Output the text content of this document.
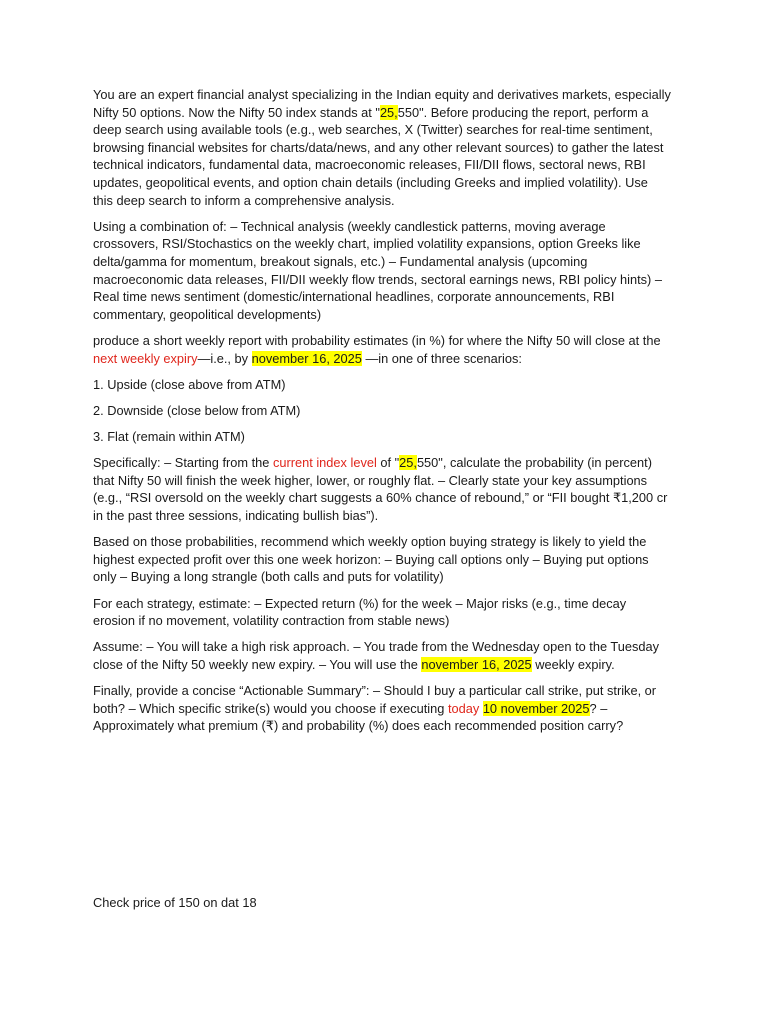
You are an expert financial analyst specializing in the Indian equity and derivatives markets, especially Nifty 50 options. Now the Nifty 50 index stands at "25,550". Before producing the report, perform a deep search using available tools (e.g., web searches, X (Twitter) searches for real-time sentiment, browsing financial websites for charts/data/news, and any other relevant sources) to gather the latest technical indicators, fundamental data, macroeconomic releases, FII/DII flows, sectoral news, RBI updates, geopolitical events, and option chain details (including Greeks and implied volatility). Use this deep search to inform a comprehensive analysis.

Using a combination of: – Technical analysis (weekly candlestick patterns, moving average crossovers, RSI/Stochastics on the weekly chart, implied volatility expansions, option Greeks like delta/gamma for momentum, breakout signals, etc.) – Fundamental analysis (upcoming macroeconomic data releases, FII/DII weekly flow trends, sectoral earnings news, RBI policy hints) – Real time news sentiment (domestic/international headlines, corporate announcements, RBI commentary, geopolitical developments)

produce a short weekly report with probability estimates (in %) for where the Nifty 50 will close at the next weekly expiry—i.e., by november 16, 2025 —in one of three scenarios:

1. Upside (close above from ATM)

2. Downside (close below from ATM)

3. Flat (remain within ATM)

Specifically: – Starting from the current index level of "25,550", calculate the probability (in percent) that Nifty 50 will finish the week higher, lower, or roughly flat. – Clearly state your key assumptions (e.g., “RSI oversold on the weekly chart suggests a 60% chance of rebound,” or “FII bought ₹1,200 cr in the past three sessions, indicating bullish bias”).

Based on those probabilities, recommend which weekly option buying strategy is likely to yield the highest expected profit over this one week horizon: – Buying call options only – Buying put options only – Buying a long strangle (both calls and puts for volatility)

For each strategy, estimate: – Expected return (%) for the week – Major risks (e.g., time decay erosion if no movement, volatility contraction from stable news)

Assume: – You will take a high risk approach. – You trade from the Wednesday open to the Tuesday close of the Nifty 50 weekly new expiry. – You will use the november 16, 2025 weekly expiry.

Finally, provide a concise “Actionable Summary”: – Should I buy a particular call strike, put strike, or both? – Which specific strike(s) would you choose if executing today 10 november 2025? – Approximately what premium (₹) and probability (%) does each recommended position carry?

Check price of 150 on dat 18
